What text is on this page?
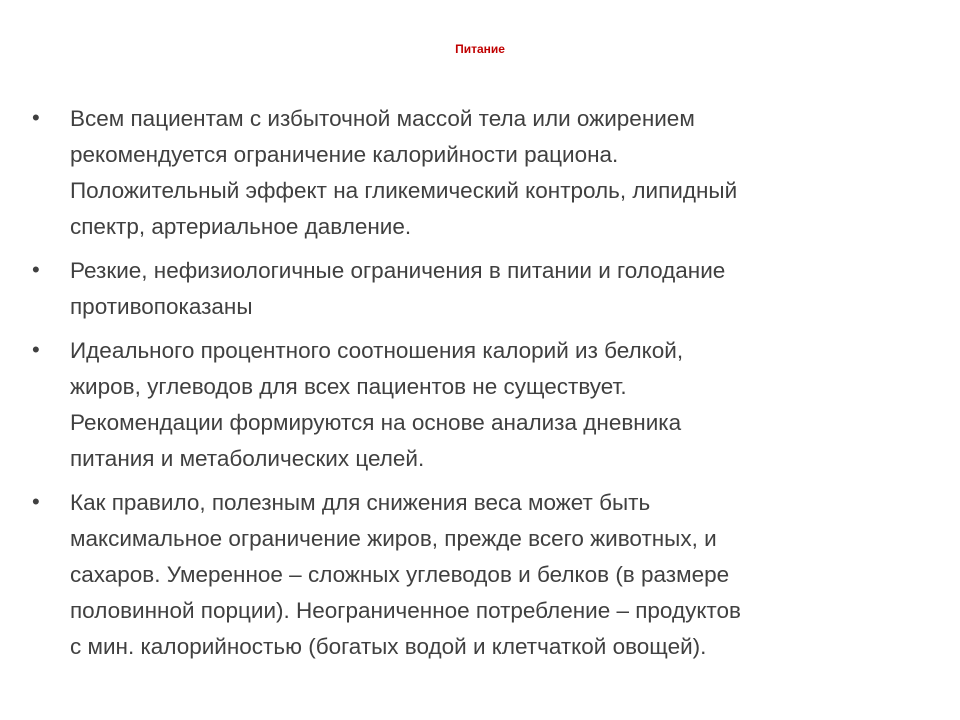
Питание
•	Всем пациентам с избыточной массой тела или ожирением
рекомендуется ограничение калорийности рациона.
Положительный эффект на гликемический контроль, липидный
спектр, артериальное давление.
•	Резкие, нефизиологичные ограничения в питании и голодание
противопоказаны
•	Идеального процентного соотношения калорий из белкой,
жиров, углеводов для всех пациентов не существует.
Рекомендации формируются на основе анализа дневника
питания и метаболических целей.
•	Как правило, полезным для снижения веса может быть
максимальное ограничение жиров, прежде всего животных, и
сахаров. Умеренное – сложных углеводов и белков (в размере
половинной порции). Неограниченное потребление – продуктов
с мин. калорийностью (богатых водой и клетчаткой овощей).
